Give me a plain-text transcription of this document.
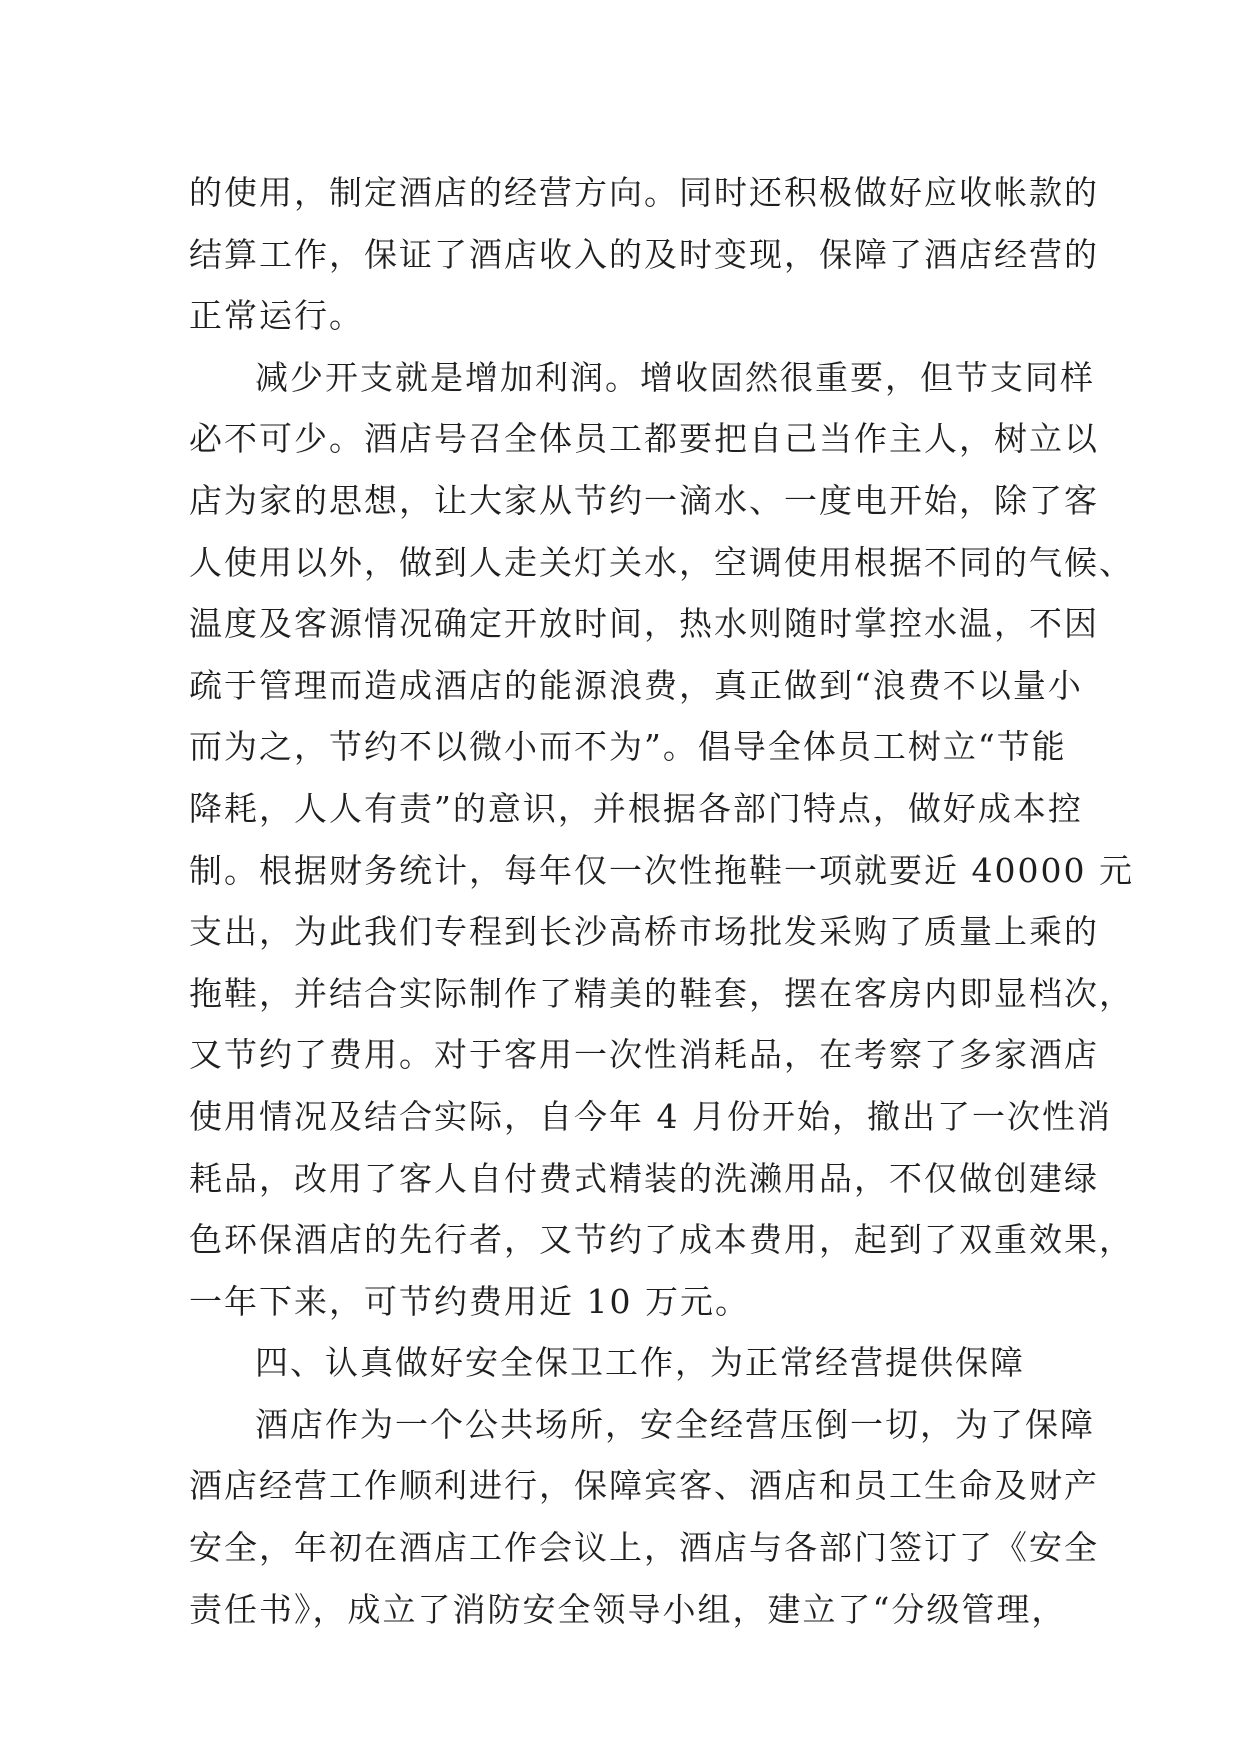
的使用，制定酒店的经营方向。同时还积极做好应收帐款的
结算工作，保证了酒店收入的及时变现，保障了酒店经营的
正常运行。
减少开支就是增加利润。增收固然很重要，但节支同样
必不可少。酒店号召全体员工都要把自己当作主人，树立以
店为家的思想，让大家从节约一滴水、一度电开始，除了客
人使用以外，做到人走关灯关水，空调使用根据不同的气候、
温度及客源情况确定开放时间，热水则随时掌控水温，不因
疏于管理而造成酒店的能源浪费，真正做到“浪费不以量小
而为之，节约不以微小而不为”。倡导全体员工树立“节能
降耗，人人有责”的意识，并根据各部门特点，做好成本控
制。根据财务统计，每年仅一次性拖鞋一项就要近 40000 元
支出，为此我们专程到长沙高桥市场批发采购了质量上乘的
拖鞋，并结合实际制作了精美的鞋套，摆在客房内即显档次，
又节约了费用。对于客用一次性消耗品，在考察了多家酒店
使用情况及结合实际，自今年 4 月份开始，撤出了一次性消
耗品，改用了客人自付费式精装的洗濑用品，不仅做创建绿
色环保酒店的先行者，又节约了成本费用，起到了双重效果，
一年下来，可节约费用近 10 万元。
四、认真做好安全保卫工作，为正常经营提供保障
酒店作为一个公共场所，安全经营压倒一切，为了保障
酒店经营工作顺利进行，保障宾客、酒店和员工生命及财产
安全，年初在酒店工作会议上，酒店与各部门签订了《安全
责任书》，成立了消防安全领导小组，建立了“分级管理，
